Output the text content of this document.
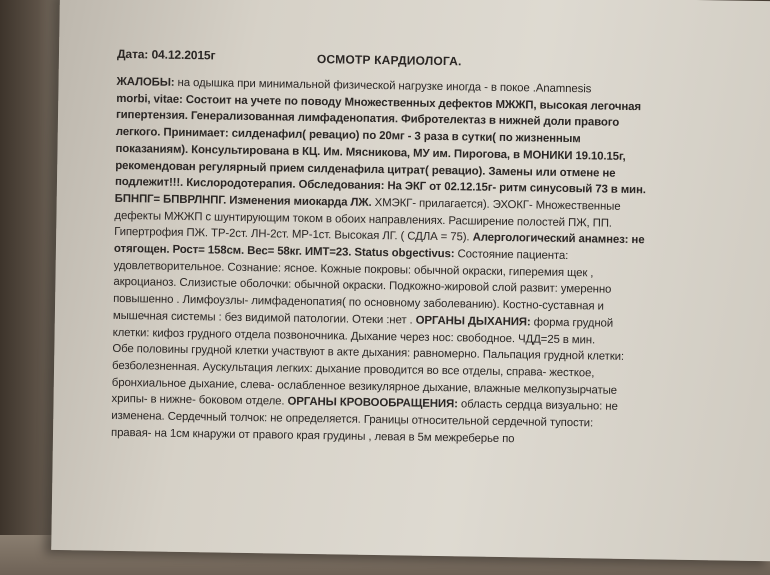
Дата: 04.12.2015г	ОСМОТР КАРДИОЛОГА.
ЖАЛОБЫ: на одышка при минимальной физической нагрузке иногда - в покое .Anamnesis
morbi, vitae: Состоит на учете по поводу Множественных дефектов МЖЖП, высокая легочная
гипертензия. Генерализованная лимфаденопатия. Фибротелектаз в нижней доли правого
легкого. Принимает: силденафил( ревацио) по 20мг - 3 раза в сутки( по жизненным
показаниям). Консультирована в КЦ. Им. Мясникова, МУ им. Пирогова, в МОНИКИ 19.10.15г,
рекомендован регулярный прием силденафила цитрат( ревацио). Замены или отмене не
подлежит!!!. Кислородотерапия. Обследования: На ЭКГ от 02.12.15г- ритм синусовый 73 в мин.
БПНПГ= БПВРЛНПГ. Изменения миокарда ЛЖ. ХМЭКГ- прилагается). ЭХОКГ- Множественные
дефекты МЖЖП с шунтирующим током в обоих направлениях. Расширение полостей ПЖ, ПП.
Гипертрофия ПЖ. ТР-2ст. ЛН-2ст. МР-1ст. Высокая ЛГ. ( СДЛА = 75). Алергологический анамнез: не
отягощен. Рост= 158см. Вес= 58кг. ИМТ=23. Status obgectivus: Состояние пациента:
удовлетворительное. Сознание: ясное. Кожные покровы: обычной окраски, гиперемия щек ,
акроцианоз. Слизистые оболочки: обычной окраски. Подкожно-жировой слой развит: умеренно
повышенно . Лимфоузлы- лимфаденопатия( по основному заболеванию). Костно-суставная и
мышечная системы : без видимой патологии. Отеки :нет . ОРГАНЫ ДЫХАНИЯ: форма грудной
клетки: кифоз грудного отдела позвоночника. Дыхание через нос: свободное. ЧДД=25 в мин.
Обе половины грудной клетки участвуют в акте дыхания: равномерно. Пальпация грудной клетки:
безболезненная. Аускультация легких: дыхание проводится во все отделы, справа- жесткое,
бронхиальное дыхание, слева- ослабленное везикулярное дыхание, влажные мелкопузырчатые
хрипы- в нижне- боковом отделе. ОРГАНЫ КРОВООБРАЩЕНИЯ: область сердца визуально: не
изменена. Сердечный толчок: не определяется. Границы относительной сердечной тупости:
правая- на 1см кнаружи от правого края грудины , левая в 5м межреберье по
